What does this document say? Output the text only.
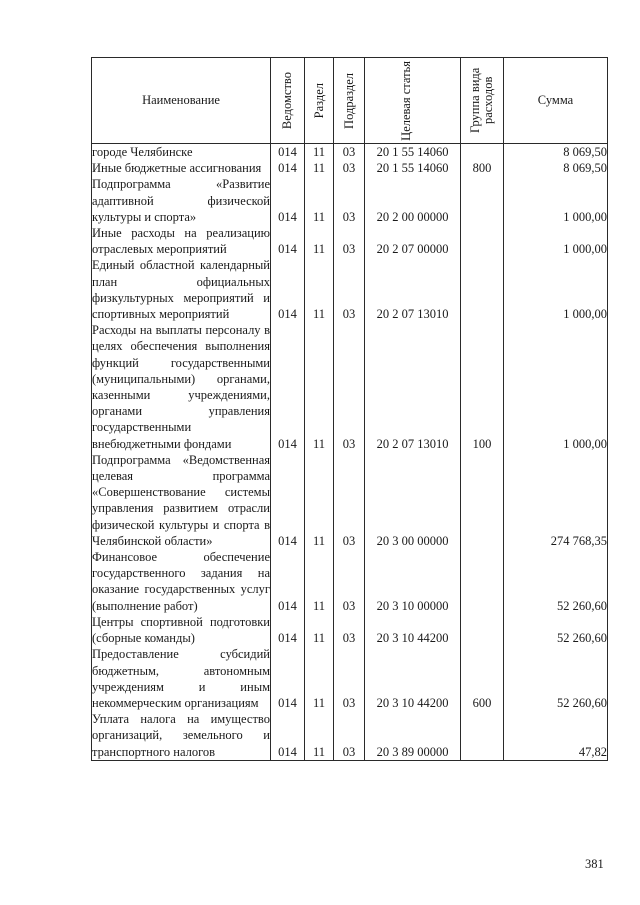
Наименование	Ведомство	Раздел	Подраздел	Целевая статья	Группа вида расходов	Сумма
городе Челябинске	014	11	03	20 1 55 14060		8 069,50
Иные бюджетные ассигнования	014	11	03	20 1 55 14060	800	8 069,50
Подпрограмма «Развитие адаптивной физической культуры и спорта»	014	11	03	20 2 00 00000		1 000,00
Иные расходы на реализацию отраслевых мероприятий	014	11	03	20 2 07 00000		1 000,00
Единый областной календарный план официальных физкультурных мероприятий и спортивных мероприятий	014	11	03	20 2 07 13010		1 000,00
Расходы на выплаты персоналу в целях обеспечения выполнения функций государственными (муниципальными) органами, казенными учреждениями, органами управления государственными внебюджетными фондами	014	11	03	20 2 07 13010	100	1 000,00
Подпрограмма «Ведомственная целевая программа «Совершенствование системы управления развитием отрасли физической культуры и спорта в Челябинской области»	014	11	03	20 3 00 00000		274 768,35
Финансовое обеспечение государственного задания на оказание государственных услуг (выполнение работ)	014	11	03	20 3 10 00000		52 260,60
Центры спортивной подготовки (сборные команды)	014	11	03	20 3 10 44200		52 260,60
Предоставление субсидий бюджетным, автономным учреждениям и иным некоммерческим организациям	014	11	03	20 3 10 44200	600	52 260,60
Уплата налога на имущество организаций, земельного и транспортного налогов	014	11	03	20 3 89 00000		47,82
381
